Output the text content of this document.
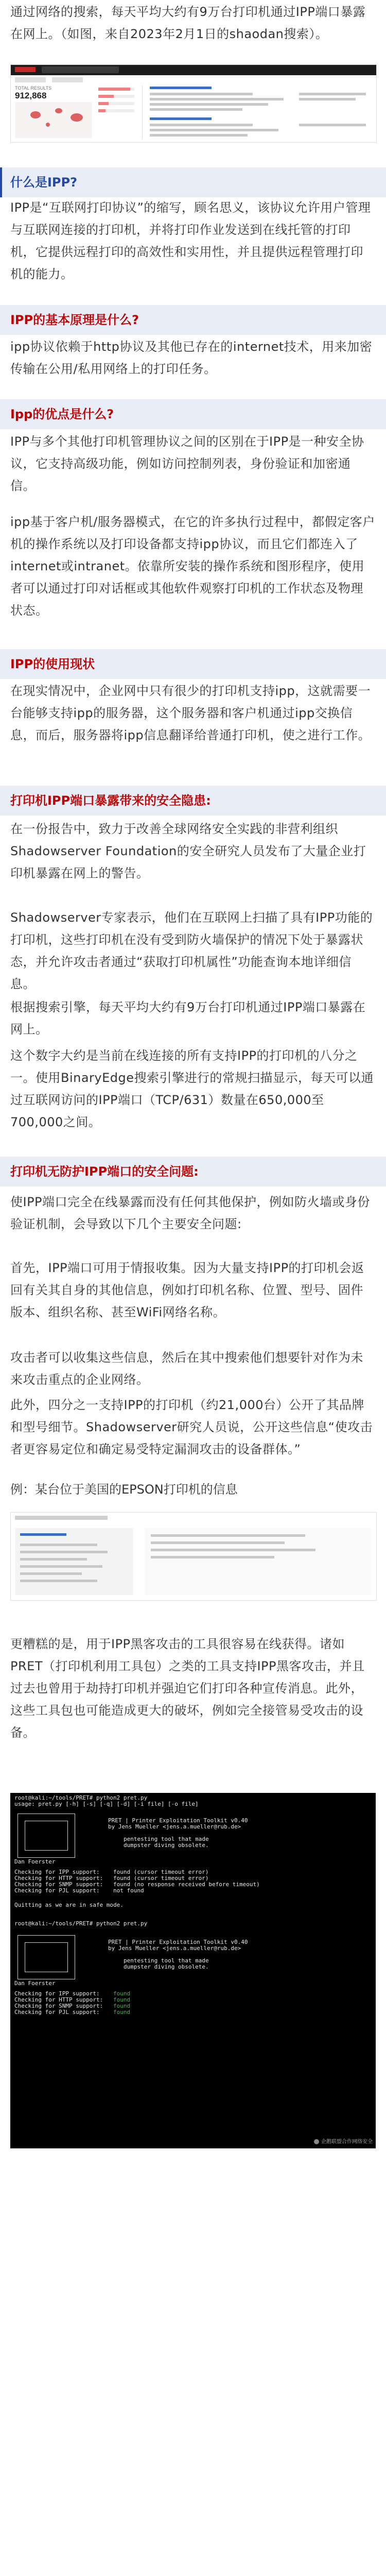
通过网络的搜索，每天平均大约有9万台打印机通过IPP端口暴露在网上。（如图，来自2023年2月1日的shaodan搜索）。

TOTAL RESULTS
912,868
什么是IPP?

IPP是“互联网打印协议”的缩写，顾名思义，该协议允许用户管理与互联网连接的打印机，并将打印作业发送到在线托管的打印机，它提供远程打印的高效性和实用性，并且提供远程管理打印机的能力。

IPP的基本原理是什么?

ipp协议依赖于http协议及其他已存在的internet技术，用来加密传输在公用/私用网络上的打印任务。

Ipp的优点是什么?

IPP与多个其他打印机管理协议之间的区别在于IPP是一种安全协议，它支持高级功能，例如访问控制列表，身份验证和加密通信。

ipp基于客户机/服务器模式，在它的许多执行过程中，都假定客户机的操作系统以及打印设备都支持ipp协议，而且它们都连入了internet或intranet。依靠所安装的操作系统和图形程序，使用者可以通过打印对话框或其他软件观察打印机的工作状态及物理状态。

IPP的使用现状

在现实情况中，企业网中只有很少的打印机支持ipp，这就需要一台能够支持ipp的服务器，这个服务器和客户机通过ipp交换信息，而后，服务器将ipp信息翻译给普通打印机，使之进行工作。

打印机IPP端口暴露带来的安全隐患:

在一份报告中，致力于改善全球网络安全实践的非营利组织Shadowserver Foundation的安全研究人员发布了大量企业打印机暴露在网上的警告。

Shadowserver专家表示，他们在互联网上扫描了具有IPP功能的打印机，这些打印机在没有受到防火墙保护的情况下处于暴露状态，并允许攻击者通过“获取打印机属性”功能查询本地详细信息。

根据搜索引擎，每天平均大约有9万台打印机通过IPP端口暴露在网上。

这个数字大约是当前在线连接的所有支持IPP的打印机的八分之一。使用BinaryEdge搜索引擎进行的常规扫描显示，每天可以通过互联网访问的IPP端口（TCP/631）数量在650,000至700,000之间。

打印机无防护IPP端口的安全问题:

使IPP端口完全在线暴露而没有任何其他保护，例如防火墙或身份验证机制，会导致以下几个主要安全问题:

首先，IPP端口可用于情报收集。因为大量支持IPP的打印机会返回有关其自身的其他信息，例如打印机名称、位置、型号、固件版本、组织名称、甚至WiFi网络名称。

攻击者可以收集这些信息，然后在其中搜索他们想要针对作为未来攻击重点的企业网络。

此外，四分之一支持IPP的打印机（约21,000台）公开了其品牌和型号细节。Shadowserver研究人员说，公开这些信息“使攻击者更容易定位和确定易受特定漏洞攻击的设备群体。”

例：某台位于美国的EPSON打印机的信息

更糟糕的是，用于IPP黑客攻击的工具很容易在线获得。诸如PRET（打印机利用工具包）之类的工具支持IPP黑客攻击，并且过去也曾用于劫持打印机并强迫它们打印各种宣传消息。此外，这些工具包也可能造成更大的破坏，例如完全接管易受攻击的设备。

root@kali:~/tools/PRET# python2 pret.py
usage: pret.py [-h] [-s] [-q] [-d] [-i file] [-o file]
PRET | Printer Exploitation Toolkit v0.40
by Jens Mueller <jens.a.mueller@rub.de>
pentesting tool that made
dumpster diving obsolete.
Dan Foerster
Checking for IPP support: found (cursor timeout error)
Checking for HTTP support: found (cursor timeout error)
Checking for SNMP support: found (no response received before timeout)
Checking for PJL support: not found
Quitting as we are in safe mode.
root@kali:~/tools/PRET# python2 pret.py
PRET | Printer Exploitation Toolkit v0.40
by Jens Mueller <jens.a.mueller@rub.de>
pentesting tool that made
dumpster diving obsolete.
Dan Foerster
Checking for IPP support: found
Checking for HTTP support: found
Checking for SNMP support: found
Checking for PJL support: found
企鹅联盟合作网络安全
